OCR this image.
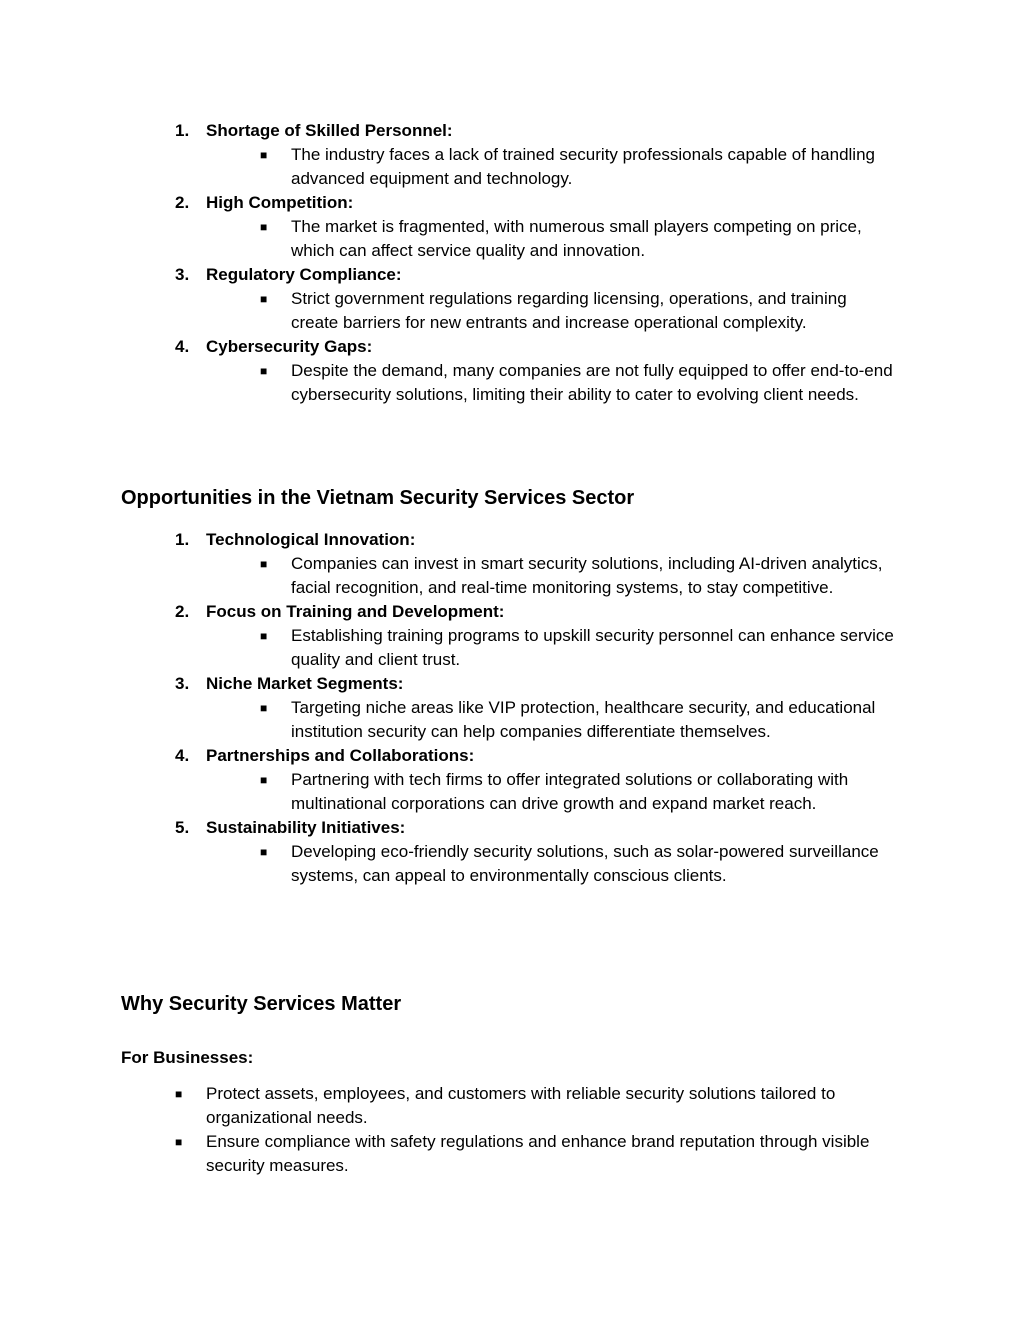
1. Shortage of Skilled Personnel:
■ The industry faces a lack of trained security professionals capable of handling advanced equipment and technology.
2. High Competition:
■ The market is fragmented, with numerous small players competing on price, which can affect service quality and innovation.
3. Regulatory Compliance:
■ Strict government regulations regarding licensing, operations, and training create barriers for new entrants and increase operational complexity.
4. Cybersecurity Gaps:
■ Despite the demand, many companies are not fully equipped to offer end-to-end cybersecurity solutions, limiting their ability to cater to evolving client needs.
Opportunities in the Vietnam Security Services Sector
1. Technological Innovation:
■ Companies can invest in smart security solutions, including AI-driven analytics, facial recognition, and real-time monitoring systems, to stay competitive.
2. Focus on Training and Development:
■ Establishing training programs to upskill security personnel can enhance service quality and client trust.
3. Niche Market Segments:
■ Targeting niche areas like VIP protection, healthcare security, and educational institution security can help companies differentiate themselves.
4. Partnerships and Collaborations:
■ Partnering with tech firms to offer integrated solutions or collaborating with multinational corporations can drive growth and expand market reach.
5. Sustainability Initiatives:
■ Developing eco-friendly security solutions, such as solar-powered surveillance systems, can appeal to environmentally conscious clients.
Why Security Services Matter
For Businesses:
■ Protect assets, employees, and customers with reliable security solutions tailored to organizational needs.
■ Ensure compliance with safety regulations and enhance brand reputation through visible security measures.
